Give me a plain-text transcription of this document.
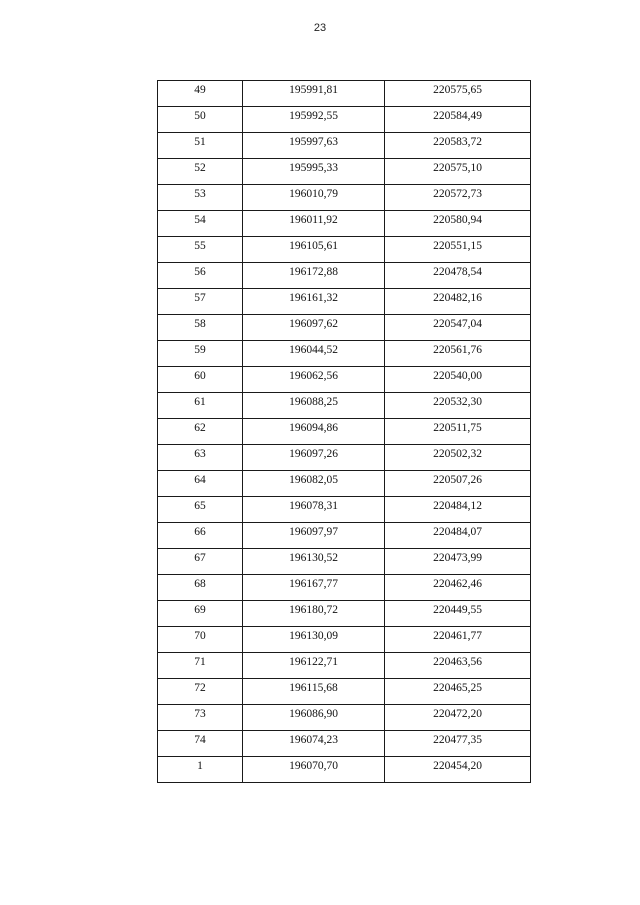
23
49	195991,81	220575,65
50	195992,55	220584,49
51	195997,63	220583,72
52	195995,33	220575,10
53	196010,79	220572,73
54	196011,92	220580,94
55	196105,61	220551,15
56	196172,88	220478,54
57	196161,32	220482,16
58	196097,62	220547,04
59	196044,52	220561,76
60	196062,56	220540,00
61	196088,25	220532,30
62	196094,86	220511,75
63	196097,26	220502,32
64	196082,05	220507,26
65	196078,31	220484,12
66	196097,97	220484,07
67	196130,52	220473,99
68	196167,77	220462,46
69	196180,72	220449,55
70	196130,09	220461,77
71	196122,71	220463,56
72	196115,68	220465,25
73	196086,90	220472,20
74	196074,23	220477,35
1	196070,70	220454,20
